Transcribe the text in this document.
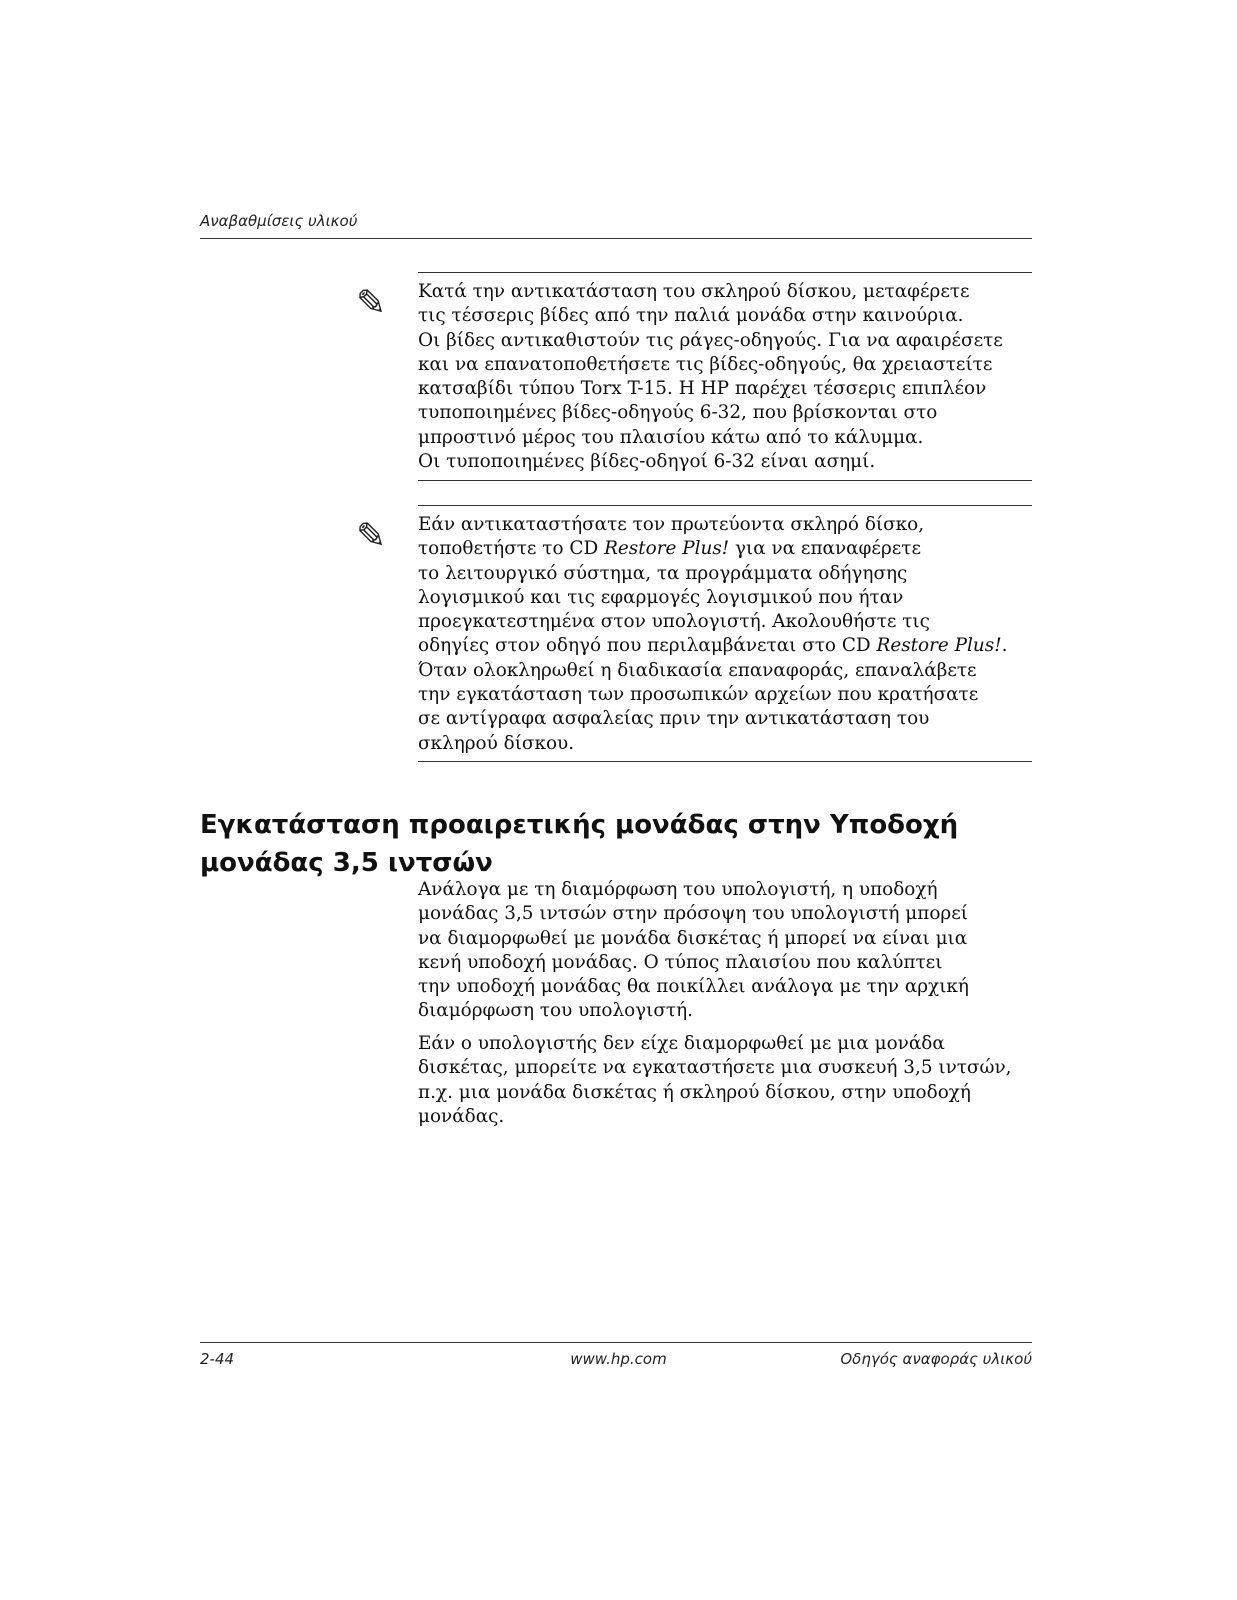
Αναβαθμίσεις υλικού
✎	Κατά την αντικατάσταση του σκληρού δίσκου, μεταφέρετε
τις τέσσερις βίδες από την παλιά μονάδα στην καινούρια.
Οι βίδες αντικαθιστούν τις ράγες-οδηγούς. Για να αφαιρέσετε
και να επανατοποθετήσετε τις βίδες-οδηγούς, θα χρειαστείτε
κατσαβίδι τύπου Torx T-15. Η HP παρέχει τέσσερις επιπλέον
τυποποιημένες βίδες-οδηγούς 6-32, που βρίσκονται στο
μπροστινό μέρος του πλαισίου κάτω από το κάλυμμα.
Οι τυποποιημένες βίδες-οδηγοί 6-32 είναι ασημί.
✎	Εάν αντικαταστήσατε τον πρωτεύοντα σκληρό δίσκο,
τοποθετήστε το CD Restore Plus! για να επαναφέρετε
το λειτουργικό σύστημα, τα προγράμματα οδήγησης
λογισμικού και τις εφαρμογές λογισμικού που ήταν
προεγκατεστημένα στον υπολογιστή. Ακολουθήστε τις
οδηγίες στον οδηγό που περιλαμβάνεται στο CD Restore Plus!.
Όταν ολοκληρωθεί η διαδικασία επαναφοράς, επαναλάβετε
την εγκατάσταση των προσωπικών αρχείων που κρατήσατε
σε αντίγραφα ασφαλείας πριν την αντικατάσταση του
σκληρού δίσκου.
Εγκατάσταση προαιρετικής μονάδας στην Υποδοχή
μονάδας 3,5 ιντσών
Ανάλογα με τη διαμόρφωση του υπολογιστή, η υποδοχή
μονάδας 3,5 ιντσών στην πρόσοψη του υπολογιστή μπορεί
να διαμορφωθεί με μονάδα δισκέτας ή μπορεί να είναι μια
κενή υποδοχή μονάδας. Ο τύπος πλαισίου που καλύπτει
την υποδοχή μονάδας θα ποικίλλει ανάλογα με την αρχική
διαμόρφωση του υπολογιστή.
Εάν ο υπολογιστής δεν είχε διαμορφωθεί με μια μονάδα
δισκέτας, μπορείτε να εγκαταστήσετε μια συσκευή 3,5 ιντσών,
π.χ. μια μονάδα δισκέτας ή σκληρού δίσκου, στην υποδοχή
μονάδας.
2-44	www.hp.com	Οδηγός αναφοράς υλικού
